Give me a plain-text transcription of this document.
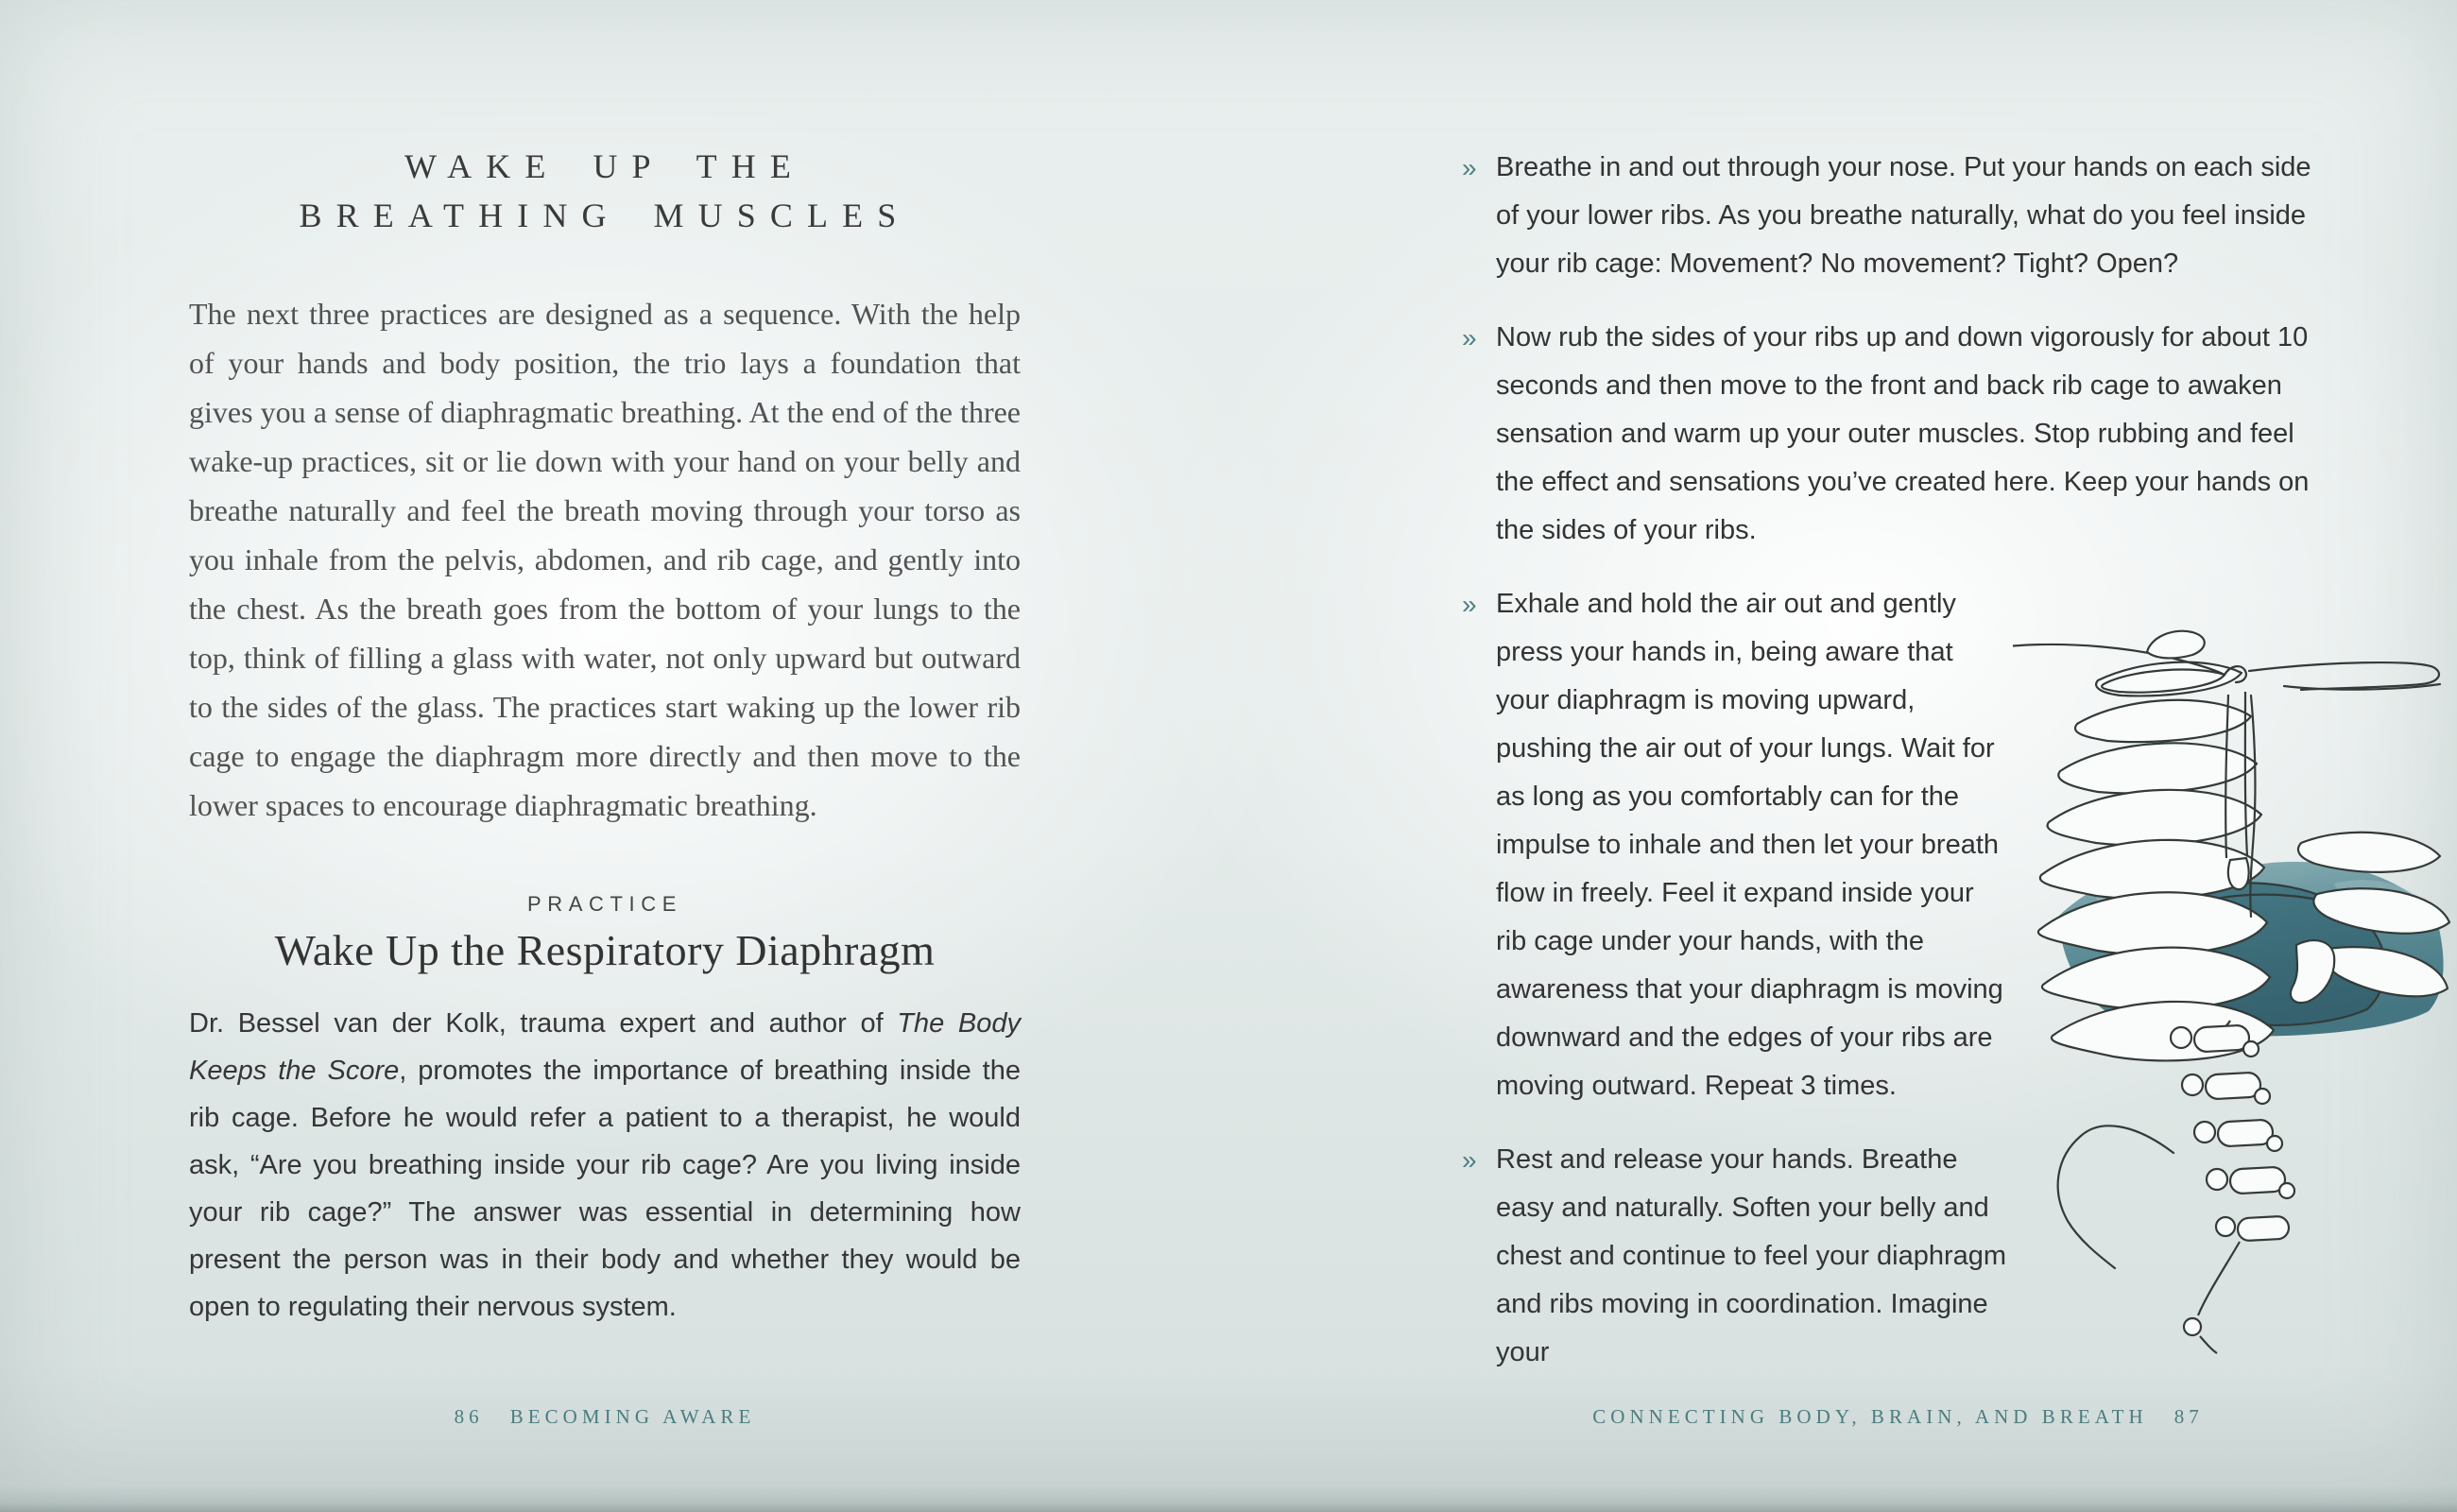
WAKE UP THE
BREATHING MUSCLES

The next three practices are designed as a sequence. With the help of your hands and body position, the trio lays a foundation that gives you a sense of diaphragmatic breathing. At the end of the three wake-up practices, sit or lie down with your hand on your belly and breathe naturally and feel the breath moving through your torso as you inhale from the pelvis, abdomen, and rib cage, and gently into the chest. As the breath goes from the bottom of your lungs to the top, think of filling a glass with water, not only upward but outward to the sides of the glass. The practices start waking up the lower rib cage to engage the diaphragm more directly and then move to the lower spaces to encourage diaphragmatic breathing.

PRACTICE
Wake Up the Respiratory Diaphragm

Dr. Bessel van der Kolk, trauma expert and author of The Body Keeps the Score, promotes the importance of breathing inside the rib cage. Before he would refer a patient to a therapist, he would ask, “Are you breathing inside your rib cage? Are you living inside your rib cage?” The answer was essential in determining how present the person was in their body and whether they would be open to regulating their nervous system.

86 BECOMING AWARE
» Breathe in and out through your nose. Put your hands on each side of your lower ribs. As you breathe naturally, what do you feel inside your rib cage: Movement? No movement? Tight? Open?
» Now rub the sides of your ribs up and down vigorously for about 10 seconds and then move to the front and back rib cage to awaken sensation and warm up your outer muscles. Stop rubbing and feel the effect and sensations you’ve created here. Keep your hands on the sides of your ribs.
» Exhale and hold the air out and gently press your hands in, being aware that your diaphragm is moving upward, pushing the air out of your lungs. Wait for as long as you comfortably can for the impulse to inhale and then let your breath flow in freely. Feel it expand inside your rib cage under your hands, with the awareness that your diaphragm is moving downward and the edges of your ribs are moving outward. Repeat 3 times.
» Rest and release your hands. Breathe easy and naturally. Soften your belly and chest and continue to feel your diaphragm and ribs moving in coordination. Imagine your
CONNECTING BODY, BRAIN, AND BREATH 87
